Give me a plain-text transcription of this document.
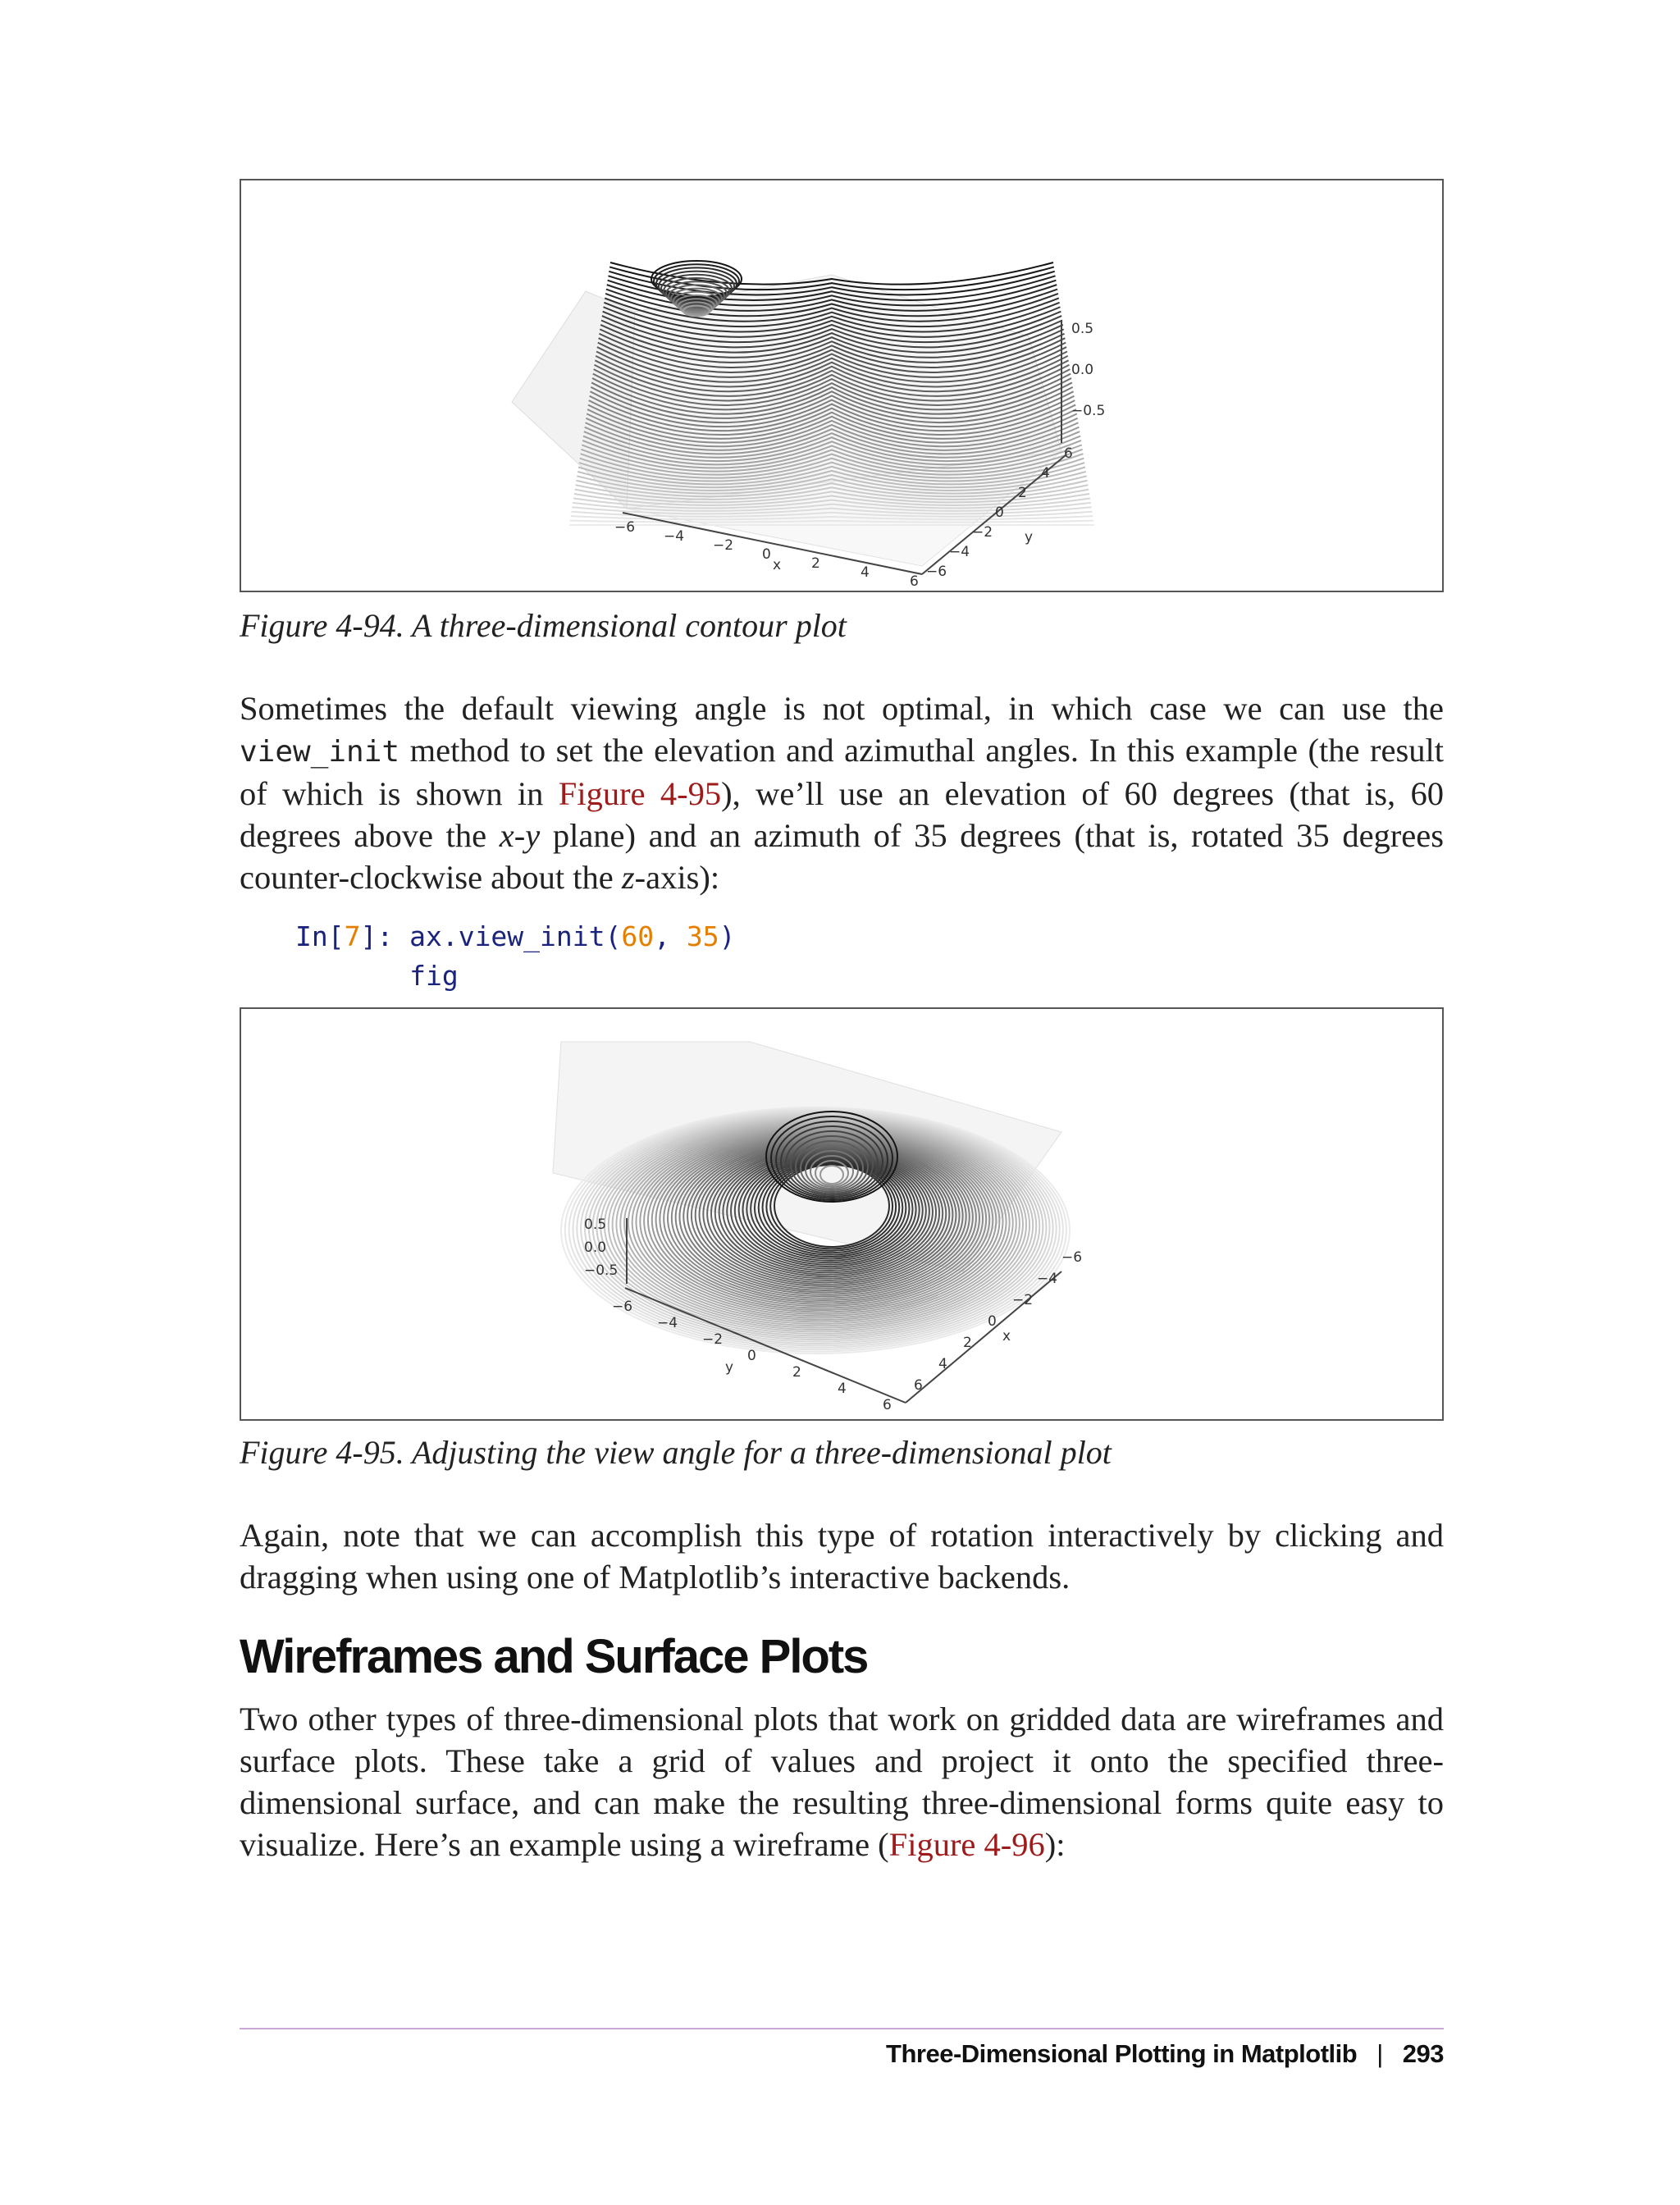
−6
−4
−2
0
2
4
6
−6
−4
−2
0
2
4
6
0.5
0.0
−0.5
x
y
Figure 4-94. A three-dimensional contour plot

Sometimes the default viewing angle is not optimal, in which case we can use the view_init method to set the elevation and azimuthal angles. In this example (the result of which is shown in Figure 4-95), we’ll use an elevation of 60 degrees (that is, 60 degrees above the x-y plane) and an azimuth of 35 degrees (that is, rotated 35 degrees counter-clockwise about the z-axis):

In[7]: ax.view_init(60, 35)
fig
−6
−4
−2
0
2
4
6
−6
−4
−2
0
2
4
6
0.5
0.0
−0.5
y
x
Figure 4-95. Adjusting the view angle for a three-dimensional plot

Again, note that we can accomplish this type of rotation interactively by clicking and dragging when using one of Matplotlib’s interactive backends.

Wireframes and Surface Plots

Two other types of three-dimensional plots that work on gridded data are wireframes and surface plots. These take a grid of values and project it onto the specified three-dimensional surface, and can make the resulting three-dimensional forms quite easy to visualize. Here’s an example using a wireframe (Figure 4-96):

Three-Dimensional Plotting in Matplotlib | 293
